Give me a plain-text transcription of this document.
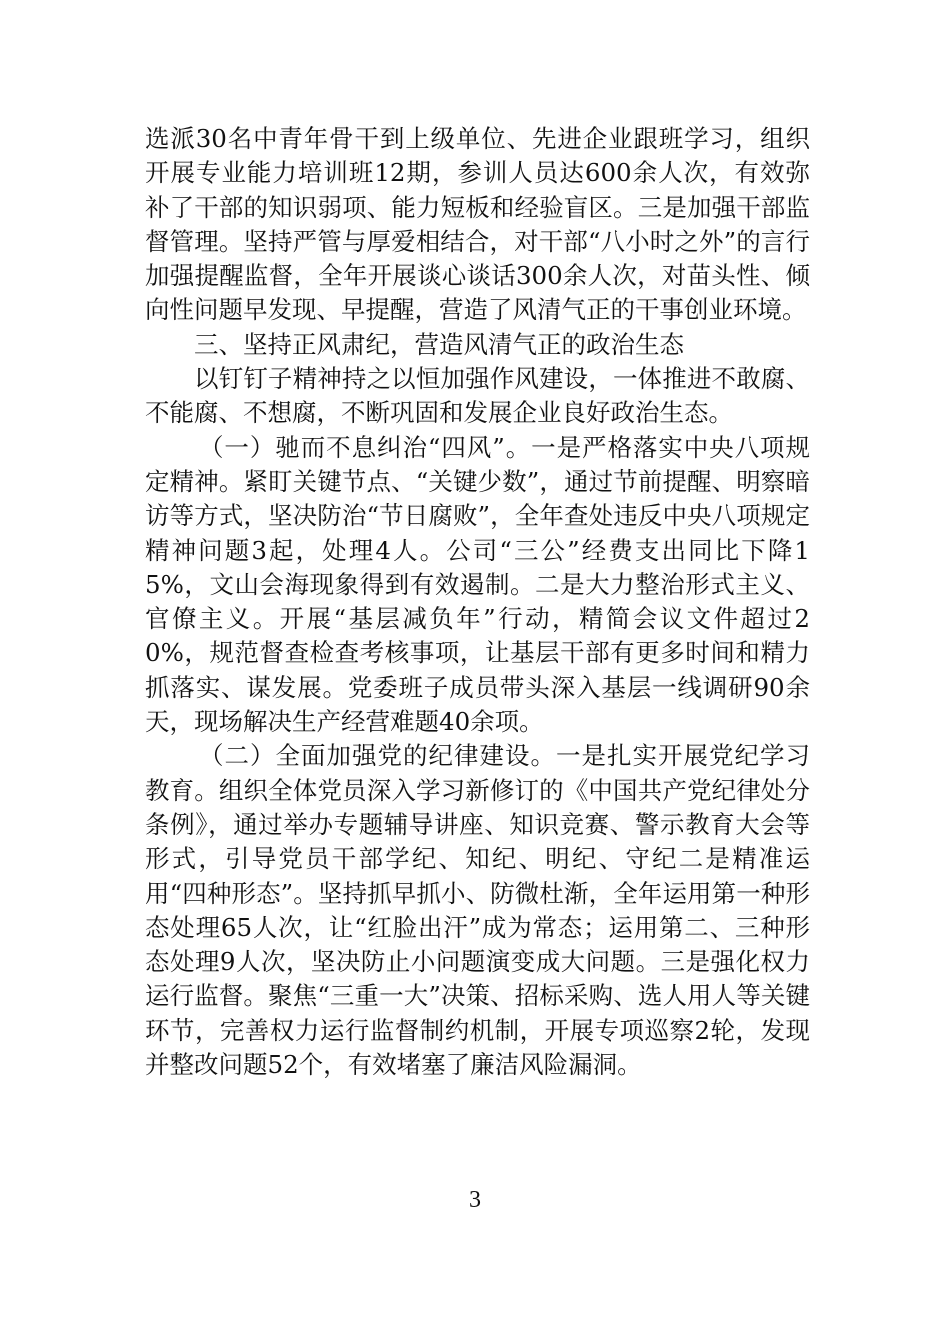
选派30名中青年骨干到上级单位、先进企业跟班学习，组织开展专业能力培训班12期，参训人员达600余人次，有效弥补了干部的知识弱项、能力短板和经验盲区。三是加强干部监督管理。坚持严管与厚爱相结合，对干部“八小时之外”的言行加强提醒监督，全年开展谈心谈话300余人次，对苗头性、倾向性问题早发现、早提醒，营造了风清气正的干事创业环境。

三、坚持正风肃纪，营造风清气正的政治生态

以钉钉子精神持之以恒加强作风建设，一体推进不敢腐、不能腐、不想腐，不断巩固和发展企业良好政治生态。

（一）驰而不息纠治“四风”。一是严格落实中央八项规定精神。紧盯关键节点、“关键少数”，通过节前提醒、明察暗访等方式，坚决防治“节日腐败”，全年查处违反中央八项规定精神问题3起，处理4人。公司“三公”经费支出同比下降15%，文山会海现象得到有效遏制。二是大力整治形式主义、官僚主义。开展“基层减负年”行动，精简会议文件超过20%，规范督查检查考核事项，让基层干部有更多时间和精力抓落实、谋发展。党委班子成员带头深入基层一线调研90余天，现场解决生产经营难题40余项。

（二）全面加强党的纪律建设。一是扎实开展党纪学习教育。组织全体党员深入学习新修订的《中国共产党纪律处分条例》，通过举办专题辅导讲座、知识竞赛、警示教育大会等形式，引导党员干部学纪、知纪、明纪、守纪二是精准运用“四种形态”。坚持抓早抓小、防微杜渐，全年运用第一种形态处理65人次，让“红脸出汗”成为常态；运用第二、三种形态处理9人次，坚决防止小问题演变成大问题。三是强化权力运行监督。聚焦“三重一大”决策、招标采购、选人用人等关键环节，完善权力运行监督制约机制，开展专项巡察2轮，发现并整改问题52个，有效堵塞了廉洁风险漏洞。

3
